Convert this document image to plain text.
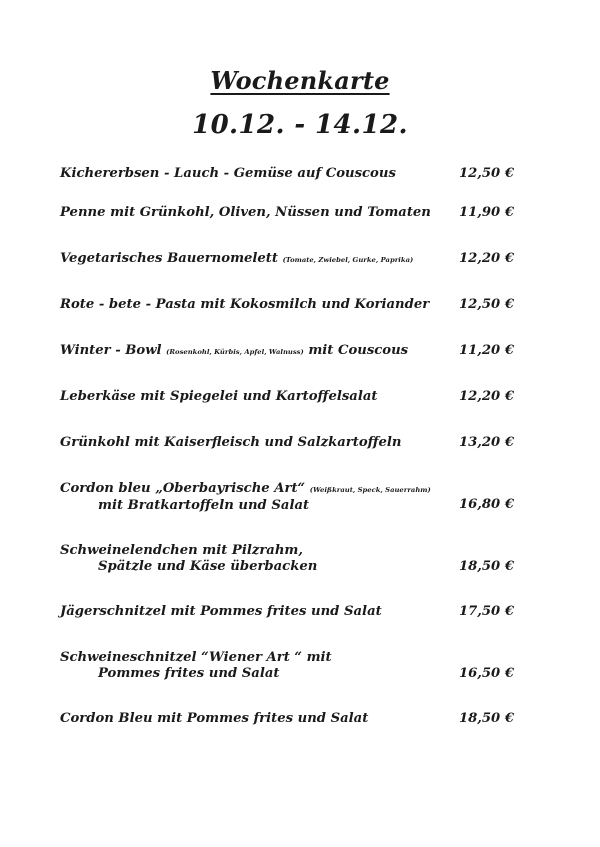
Wochenkarte
10.12. - 14.12.
Kichererbsen - Lauch - Gemüse auf Couscous	12,50 €
Penne mit Grünkohl, Oliven, Nüssen und Tomaten	11,90 €
Vegetarisches Bauernomelett (Tomate, Zwiebel, Gurke, Paprika)	12,20 €
Rote - bete - Pasta mit Kokosmilch und Koriander	12,50 €
Winter - Bowl (Rosenkohl, Kürbis, Apfel, Walnuss) mit Couscous	11,20 €
Leberkäse mit Spiegelei und Kartoffelsalat	12,20 €
Grünkohl mit Kaiserfleisch und Salzkartoffeln	13,20 €
Cordon bleu „Oberbayrische Art“ (Weißkraut, Speck, Sauerrahm)
mit Bratkartoffeln und Salat	16,80 €
Schweinelendchen mit Pilzrahm,
Spätzle und Käse überbacken	18,50 €
Jägerschnitzel mit Pommes frites und Salat	17,50 €
Schweineschnitzel “Wiener Art “ mit
Pommes frites und Salat	16,50 €
Cordon Bleu mit Pommes frites und Salat	18,50 €
